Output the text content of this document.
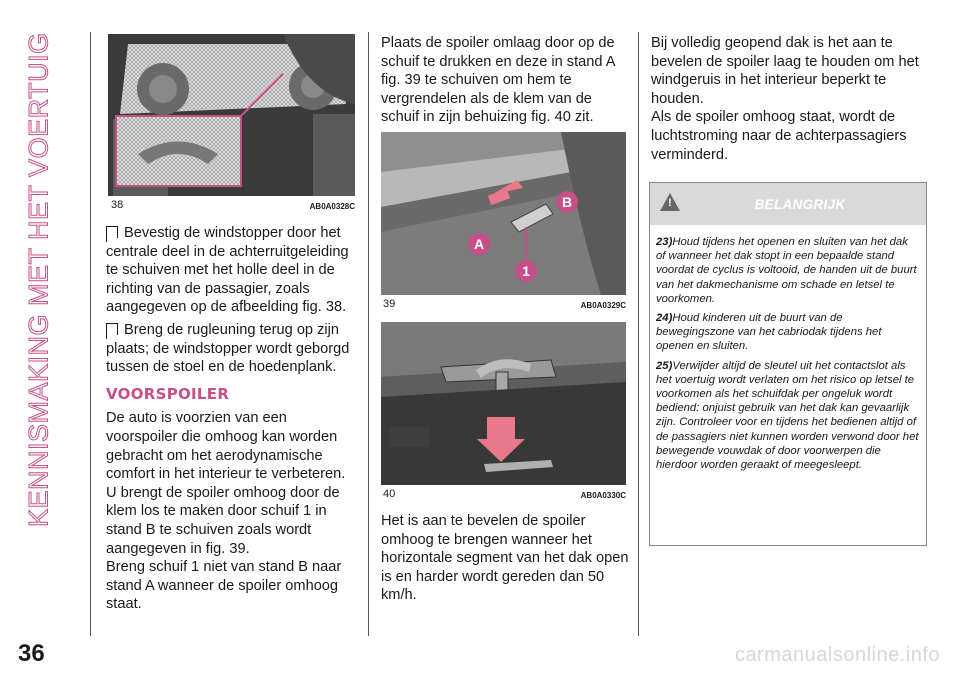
KENNISMAKING MET HET VOERTUIG
36
38	AB0A0328C

Bevestig de windstopper door het centrale deel in de achterruitgeleiding te schuiven met het holle deel in de richting van de passagier, zoals aangegeven op de afbeelding fig. 38.

Breng de rugleuning terug op zijn plaats; de windstopper wordt geborgd tussen de stoel en de hoedenplank.

VOORSPOILER

De auto is voorzien van een voorspoiler die omhoog kan worden gebracht om het aerodynamische comfort in het interieur te verbeteren.

U brengt de spoiler omhoog door de klem los te maken door schuif 1 in stand B te schuiven zoals wordt aangegeven in fig. 39.

Breng schuif 1 niet van stand B naar stand A wanneer de spoiler omhoog staat.

Plaats de spoiler omlaag door op de schuif te drukken en deze in stand A fig. 39 te schuiven om hem te vergrendelen als de klem van de schuif in zijn behuizing fig. 40 zit.

B
A
1
39	AB0A0329C
40	AB0A0330C

Het is aan te bevelen de spoiler omhoog te brengen wanneer het horizontale segment van het dak open is en harder wordt gereden dan 50 km/h.

Bij volledig geopend dak is het aan te bevelen de spoiler laag te houden om het windgeruis in het interieur beperkt te houden.

Als de spoiler omhoog staat, wordt de luchtstroming naar de achterpassagiers verminderd.

!	BELANGRIJK

23)Houd tijdens het openen en sluiten van het dak of wanneer het dak stopt in een bepaalde stand voordat de cyclus is voltooid, de handen uit de buurt van het dakmechanisme om schade en letsel te voorkomen.

24)Houd kinderen uit de buurt van de bewegingszone van het cabriodak tijdens het openen en sluiten.

25)Verwijder altijd de sleutel uit het contactslot als het voertuig wordt verlaten om het risico op letsel te voorkomen als het schuifdak per ongeluk wordt bediend: onjuist gebruik van het dak kan gevaarlijk zijn. Controleer voor en tijdens het bedienen altijd of de passagiers niet kunnen worden verwond door het bewegende vouwdak of door voorwerpen die hierdoor worden geraakt of meegesleept.

carmanualsonline.info
